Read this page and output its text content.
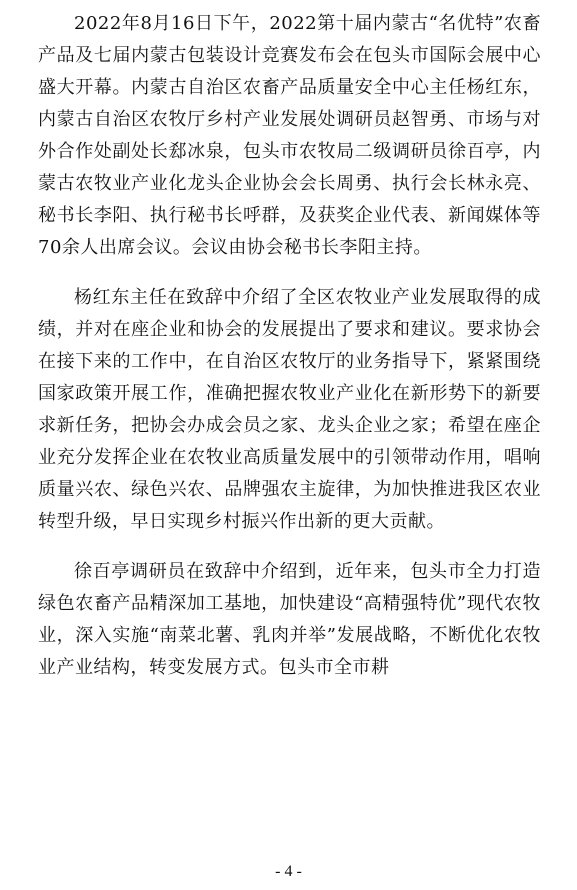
2022年8月16日下午，2022第十届内蒙古“名优特”农畜产品及七届内蒙古包装设计竞赛发布会在包头市国际会展中心盛大开幕。内蒙古自治区农畜产品质量安全中心主任杨红东，内蒙古自治区农牧厅乡村产业发展处调研员赵智勇、市场与对外合作处副处长郄冰泉，包头市农牧局二级调研员徐百亭，内蒙古农牧业产业化龙头企业协会会长周勇、执行会长林永亮、秘书长李阳、执行秘书长呼群，及获奖企业代表、新闻媒体等70余人出席会议。会议由协会秘书长李阳主持。

杨红东主任在致辞中介绍了全区农牧业产业发展取得的成绩，并对在座企业和协会的发展提出了要求和建议。要求协会在接下来的工作中，在自治区农牧厅的业务指导下，紧紧围绕国家政策开展工作，准确把握农牧业产业化在新形势下的新要求新任务，把协会办成会员之家、龙头企业之家；希望在座企业充分发挥企业在农牧业高质量发展中的引领带动作用，唱响质量兴农、绿色兴农、品牌强农主旋律，为加快推进我区农业转型升级，早日实现乡村振兴作出新的更大贡献。

徐百亭调研员在致辞中介绍到，近年来，包头市全力打造绿色农畜产品精深加工基地，加快建设“高精强特优”现代农牧业，深入实施“南菜北薯、乳肉并举”发展战略，不断优化农牧业产业结构，转变发展方式。包头市全市耕

- 4 -
